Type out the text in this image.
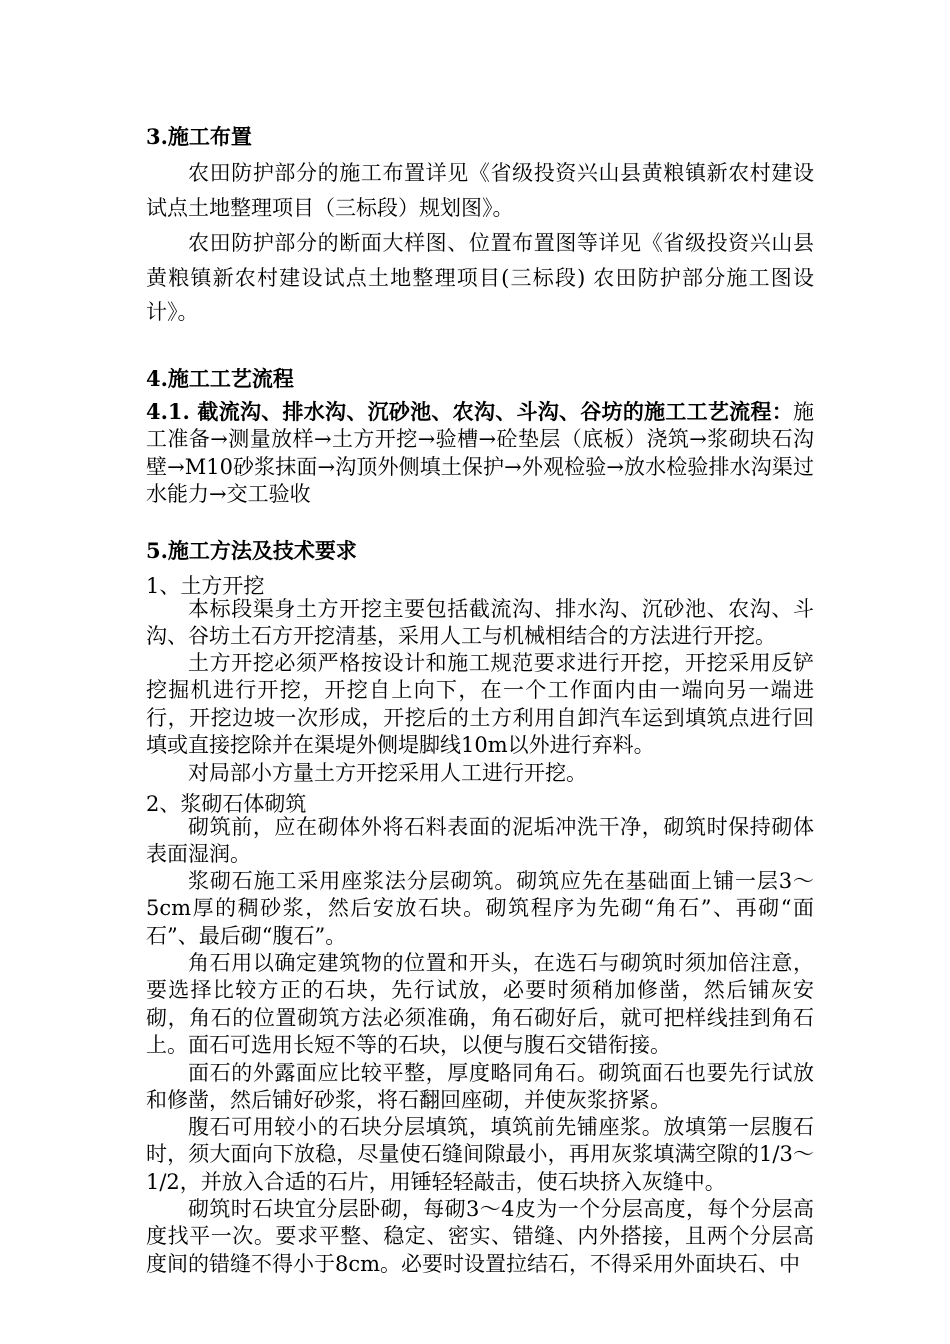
3.施工布置
农田防护部分的施工布置详见《省级投资兴山县黄粮镇新农村建设试点土地整理项目（三标段）规划图》。
农田防护部分的断面大样图、位置布置图等详见《省级投资兴山县黄粮镇新农村建设试点土地整理项目(三标段) 农田防护部分施工图设计》。
4.施工工艺流程
4.1. 截流沟、排水沟、沉砂池、农沟、斗沟、谷坊的施工工艺流程：施工准备→测量放样→土方开挖→验槽→砼垫层（底板）浇筑→浆砌块石沟壁→M10砂浆抹面→沟顶外侧填土保护→外观检验→放水检验排水沟渠过水能力→交工验收
5.施工方法及技术要求
1、土方开挖
本标段渠身土方开挖主要包括截流沟、排水沟、沉砂池、农沟、斗沟、谷坊土石方开挖清基，采用人工与机械相结合的方法进行开挖。
土方开挖必须严格按设计和施工规范要求进行开挖，开挖采用反铲挖掘机进行开挖，开挖自上向下，在一个工作面内由一端向另一端进行，开挖边坡一次形成，开挖后的土方利用自卸汽车运到填筑点进行回填或直接挖除并在渠堤外侧堤脚线10m以外进行弃料。
对局部小方量土方开挖采用人工进行开挖。
2、浆砌石体砌筑
砌筑前，应在砌体外将石料表面的泥垢冲洗干净，砌筑时保持砌体表面湿润。
浆砌石施工采用座浆法分层砌筑。砌筑应先在基础面上铺一层3～5cm厚的稠砂浆，然后安放石块。砌筑程序为先砌“角石”、再砌“面石”、最后砌“腹石”。
角石用以确定建筑物的位置和开头，在选石与砌筑时须加倍注意，要选择比较方正的石块，先行试放，必要时须稍加修凿，然后铺灰安砌，角石的位置砌筑方法必须准确，角石砌好后，就可把样线挂到角石上。面石可选用长短不等的石块，以便与腹石交错衔接。
面石的外露面应比较平整，厚度略同角石。砌筑面石也要先行试放和修凿，然后铺好砂浆，将石翻回座砌，并使灰浆挤紧。
腹石可用较小的石块分层填筑，填筑前先铺座浆。放填第一层腹石时，须大面向下放稳，尽量使石缝间隙最小，再用灰浆填满空隙的1/3～1/2，并放入合适的石片，用锤轻轻敲击，使石块挤入灰缝中。
砌筑时石块宜分层卧砌，每砌3～4皮为一个分层高度，每个分层高度找平一次。要求平整、稳定、密实、错缝、内外搭接，且两个分层高度间的错缝不得小于8cm。必要时设置拉结石，不得采用外面块石、中
